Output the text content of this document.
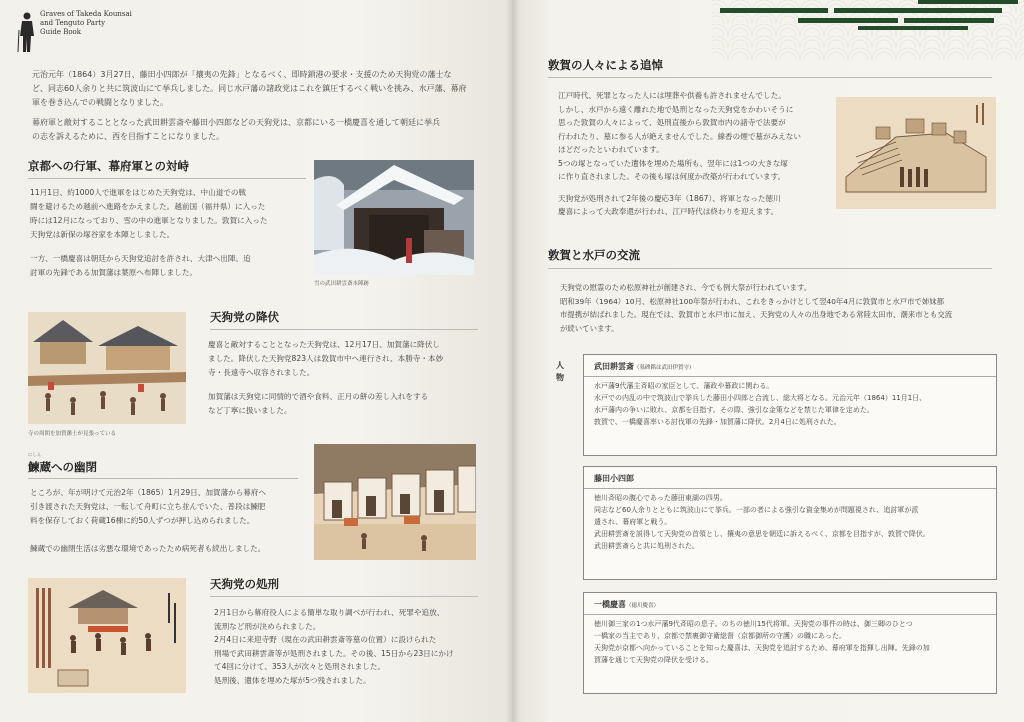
Graves of Takeda Kounsai
and Tenguto Party
Guide Book
元治元年（1864）3月27日、藤田小四郎が「攘夷の先鋒」となるべく、即時鎖港の要求・支援のため天狗党の藩士な
ど、同志60人余りと共に筑波山にて挙兵しました。同じ水戸藩の諸政党はこれを鎮圧するべく戦いを挑み、水戸藩、幕府
軍を巻き込んでの戦闘となりました。
幕府軍と敵対することとなった武田耕雲斎や藤田小四郎などの天狗党は、京都にいる一橋慶喜を通して朝廷に挙兵
の志を訴えるために、西を目指すことになりました。
京都への行軍、幕府軍との対峙
11月1日、約1000人で進軍をはじめた天狗党は、中山道での戦
闘を避けるため越前へ進路をかえました。越前国（福井県）に入った
時には12月になっており、雪の中の進軍となりました。敦賀に入った
天狗党は新保の塚谷家を本陣としました。
一方、一橋慶喜は朝廷から天狗党追討を許され、大津へ出陣。追
討軍の先鋒である加賀藩は葉原へ布陣しました。
雪の武田耕雲斎本陣跡
寺の周囲を加賀藩士が見張っている
天狗党の降伏
慶喜と敵対することとなった天狗党は、12月17日、加賀藩に降伏し
ました。降伏した天狗党823人は敦賀市中へ連行され、本勝寺・本妙
寺・長遠寺へ収容されました。
加賀藩は天狗党に同情的で酒や食料、正月の餅の差し入れをする
など丁寧に扱いました。
にしん
鰊蔵への幽閉
ところが、年が明けて元治2年（1865）1月29日、加賀藩から幕府へ
引き渡された天狗党は、一転して舟町に立ち並んでいた、普段は鰊肥
料を保存しておく荷蔵16棟に約50人ずつが押し込められました。
鰊蔵での幽閉生活は劣悪な環境であったため病死者も続出しました。
天狗党の処刑
2月1日から幕府役人による簡単な取り調べが行われ、死罪や追放、
流刑など刑が決められました。
2月4日に来迎寺野（現在の武田耕雲斎等墓の位置）に設けられた
刑場で武田耕雲斎等が処刑されました。その後、15日から23日にかけ
て4回に分けて、353人が次々と処刑されました。
処刑後、遺体を埋めた塚が5つ残されました。
敦賀の人々による追悼
江戸時代、死罪となった人には埋葬や供養も許されませんでした。
しかし、水戸から遠く離れた地で処刑となった天狗党をかわいそうに
思った敦賀の人々によって、処刑直後から敦賀市内の諸寺で法要が
行われたり、墓に参る人が絶えませんでした。線香の煙で墓がみえない
ほどだったといわれています。
5つの塚となっていた遺体を埋めた場所も、翌年には1つの大きな塚
に作り直されました。その後も塚は何度か改築が行われています。
天狗党が処刑されて2年後の慶応3年（1867）、将軍となった徳川
慶喜によって大政奉還が行われ、江戸時代は終わりを迎えます。
敦賀と水戸の交流
天狗党の慰霊のため松原神社が創建され、今でも例大祭が行われています。
昭和39年（1964）10月、松原神社100年祭が行われ、これをきっかけとして翌40年4月に敦賀市と水戸市で姉妹都
市提携が結ばれました。現在では、敦賀市と水戸市に加え、天狗党の人々の出身地である常陸太田市、潮来市とも交流
が続いています。
人
物
武田耕雲斎（墓碑銘は武田伊賀守）
水戸藩9代藩主斉昭の家臣として、藩政や幕政に関わる。
水戸での内乱の中で筑波山で挙兵した藤田小四郎と合流し、総大将となる。元治元年（1864）11月1日、
水戸藩内の争いに敗れ、京都を目指す。その際、強引な金策などを禁じた軍律を定めた。
敦賀で、一橋慶喜率いる討伐軍の先鋒・加賀藩に降伏。2月4日に処刑された。
藤田小四郎
徳川斉昭の腹心であった藤田東湖の四男。
同志など60人余りとともに筑波山にて挙兵。一部の者による強引な資金集めが問題視され、追討軍が派
遣され、幕府軍と戦う。
武田耕雲斎を説得して天狗党の首領とし、攘夷の意思を朝廷に訴えるべく、京都を目指すが、敦賀で降伏。
武田耕雲斎らと共に処刑された。
一橋慶喜（徳川慶喜）
徳川御三家の1つ水戸藩9代斉昭の息子。のちの徳川15代将軍。天狗党の事件の時は、御三卿のひとつ
一橋家の当主であり、京都で禁裏御守衛総督（京都御所の守護）の職にあった。
天狗党が京都へ向かっていることを知った慶喜は、天狗党を追討するため、幕府軍を指揮し出陣。先鋒の加
賀藩を通じて天狗党の降伏を受ける。
